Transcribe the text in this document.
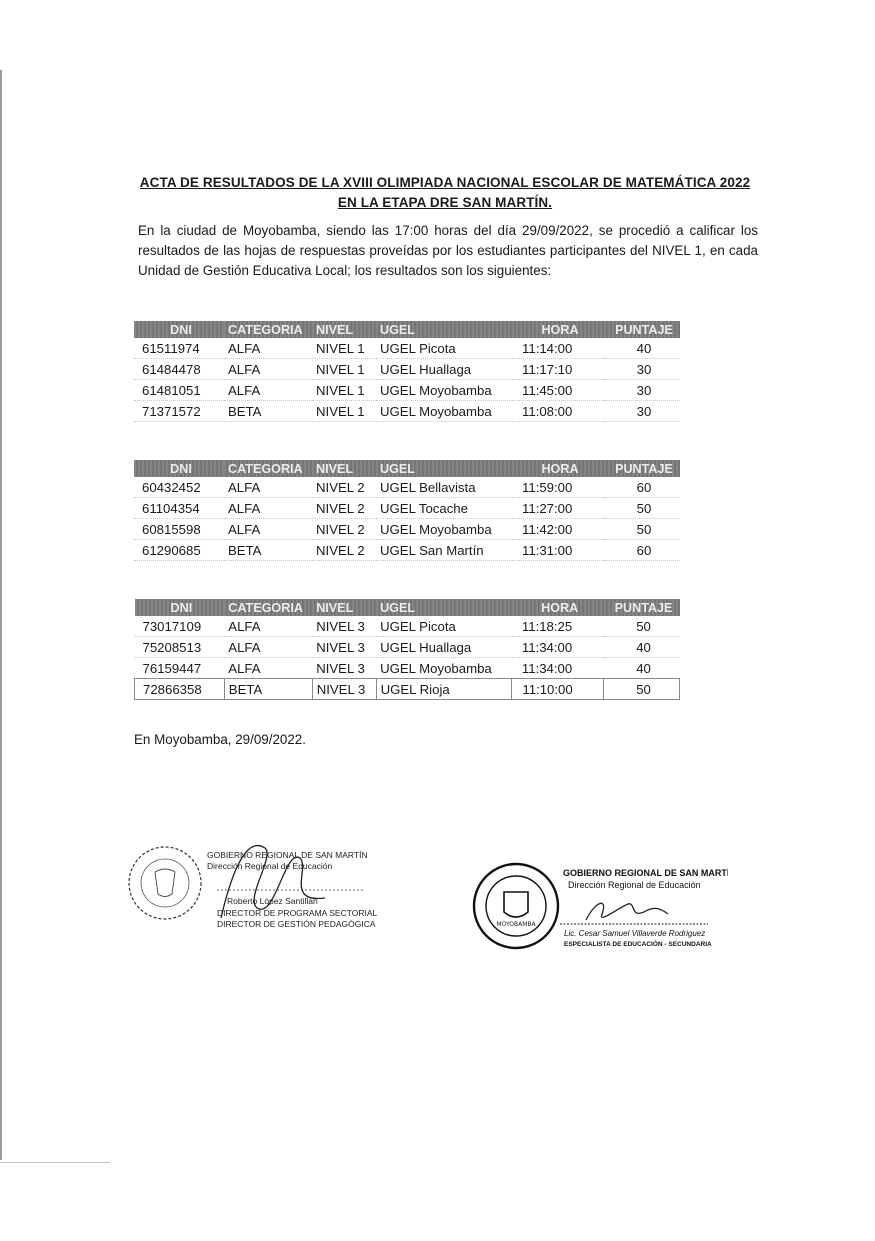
ACTA DE RESULTADOS DE LA XVIII OLIMPIADA NACIONAL ESCOLAR DE MATEMÁTICA 2022
EN LA ETAPA DRE SAN MARTÍN.
En la ciudad de Moyobamba, siendo las 17:00 horas del día 29/09/2022, se procedió a calificar los resultados de las hojas de respuestas proveídas por los estudiantes participantes del NIVEL 1, en cada Unidad de Gestión Educativa Local; los resultados son los siguientes:
DNI	CATEGORIA	NIVEL	UGEL	HORA	PUNTAJE
61511974	ALFA	NIVEL 1	UGEL Picota	11:14:00	40
61484478	ALFA	NIVEL 1	UGEL Huallaga	11:17:10	30
61481051	ALFA	NIVEL 1	UGEL Moyobamba	11:45:00	30
71371572	BETA	NIVEL 1	UGEL Moyobamba	11:08:00	30
DNI	CATEGORIA	NIVEL	UGEL	HORA	PUNTAJE
60432452	ALFA	NIVEL 2	UGEL Bellavista	11:59:00	60
61104354	ALFA	NIVEL 2	UGEL Tocache	11:27:00	50
60815598	ALFA	NIVEL 2	UGEL Moyobamba	11:42:00	50
61290685	BETA	NIVEL 2	UGEL San Martín	11:31:00	60
DNI	CATEGORIA	NIVEL	UGEL	HORA	PUNTAJE
73017109	ALFA	NIVEL 3	UGEL Picota	11:18:25	50
75208513	ALFA	NIVEL 3	UGEL Huallaga	11:34:00	40
76159447	ALFA	NIVEL 3	UGEL Moyobamba	11:34:00	40
72866358	BETA	NIVEL 3	UGEL Rioja	11:10:00	50
En Moyobamba, 29/09/2022.
GOBIERNO REGIONAL DE SAN MARTÍN
Dirección Regional de Educación
Roberto López Santillán
DIRECTOR DE PROGRAMA SECTORIAL
DIRECTOR DE GESTIÓN PEDAGÓGICA	MOYOBAMBA
GOBIERNO REGIONAL DE SAN MARTÍN
Dirección Regional de Educación
Lic. Cesar Samuel Villaverde Rodriguez
ESPECIALISTA DE EDUCACIÓN - SECUNDARIA
